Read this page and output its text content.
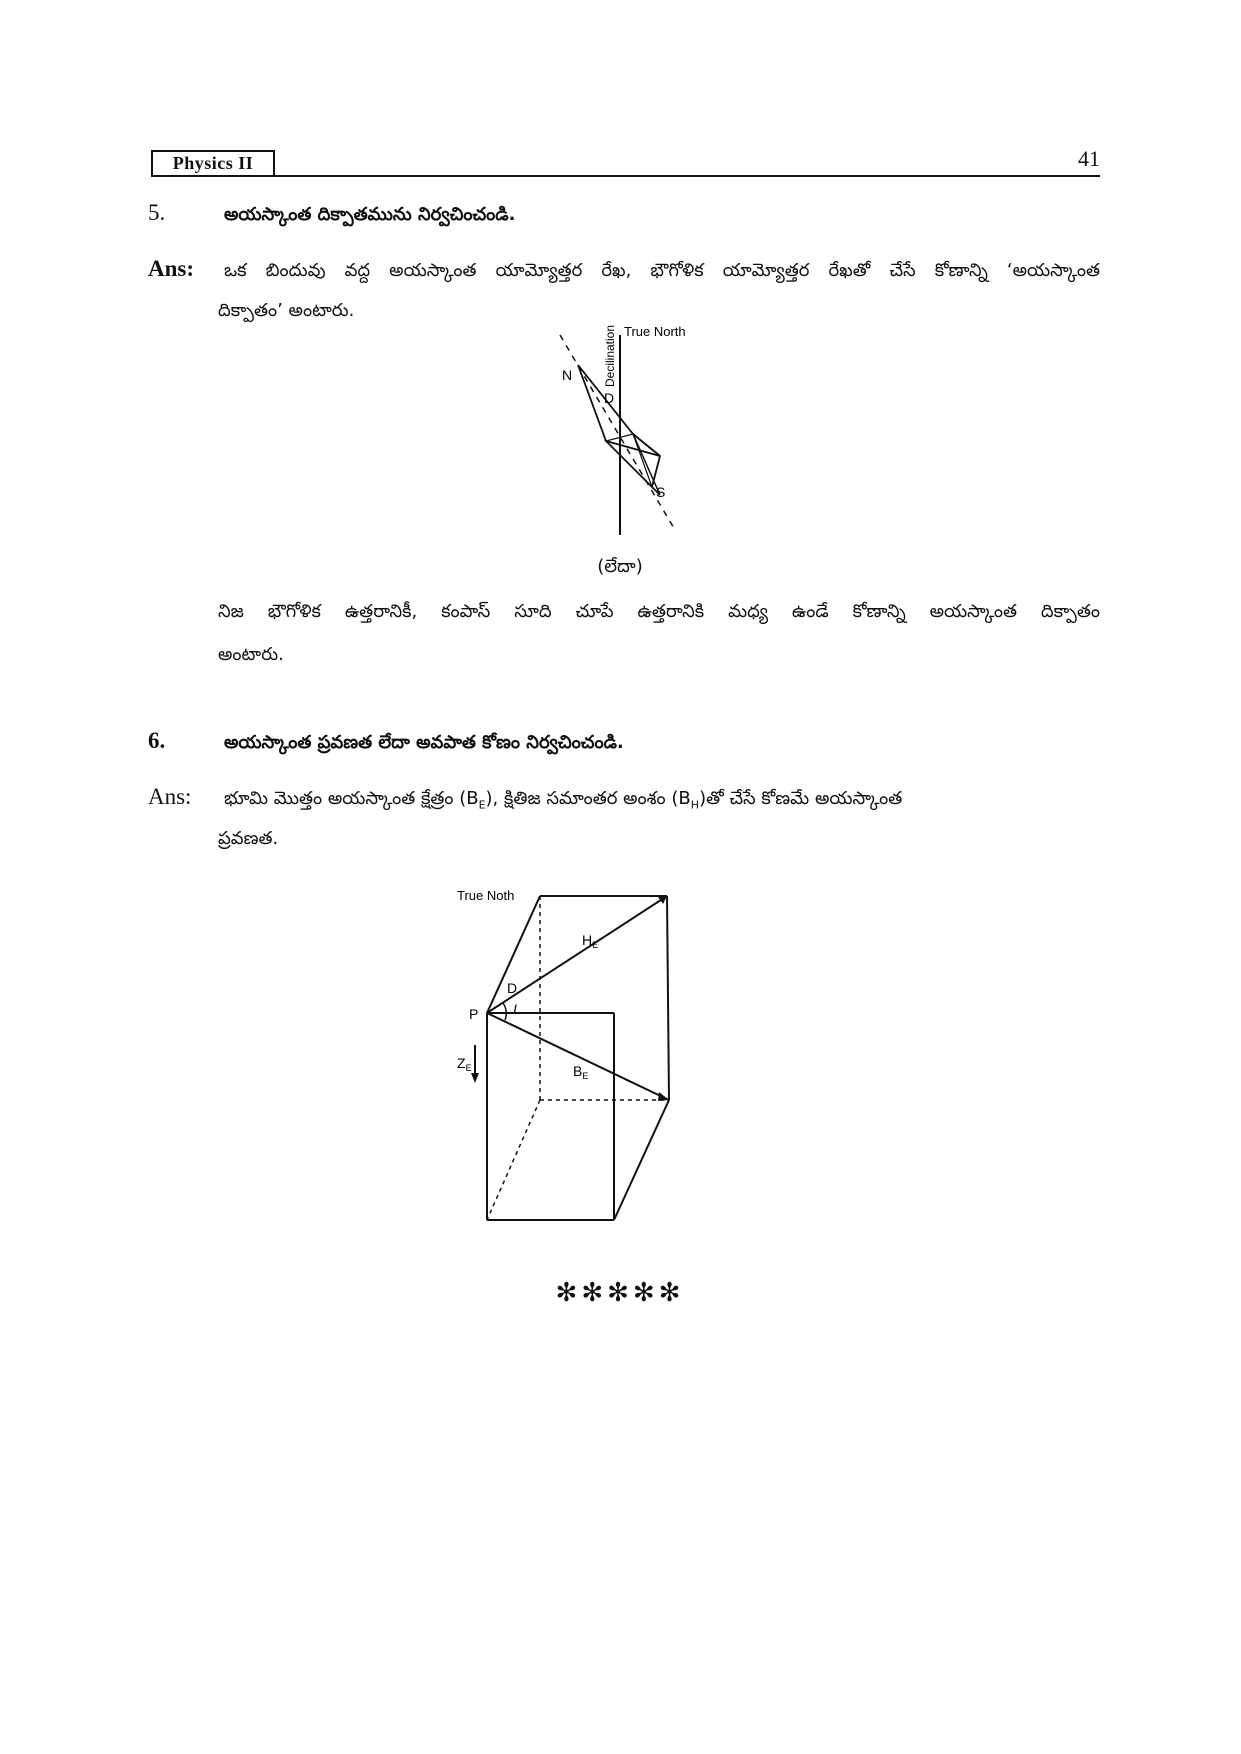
Physics II	41
5.	అయస్కాంత దిక్పాతమును నిర్వచించండి.
Ans: ఒక బిందువు వద్ద అయస్కాంత యామ్యోత్తర రేఖ, భౌగోళిక యామ్యోత్తర రేఖతో చేసే కోణాన్ని ‘అయస్కాంత
దిక్పాతం’ అంటారు.
Decilination True North
N
D
S
(లేదా)
నిజ భౌగోళిక ఉత్తరానికీ, కంపాస్ సూది చూపే ఉత్తరానికి మధ్య ఉండే కోణాన్ని అయస్కాంత దిక్పాతం
అంటారు.
6.	అయస్కాంత ప్రవణత లేదా అవపాత కోణం నిర్వచించండి.
Ans: భూమి మొత్తం అయస్కాంత క్షేత్రం $(B_E)$, క్షితిజ సమాంతర అంశం $(B_H)తో$ చేసే కోణమే అయస్కాంత
ప్రవణత.
True Noth
$H_E$
D
P I
$Z_E$	$B_E$
✻✻✻✻✻
